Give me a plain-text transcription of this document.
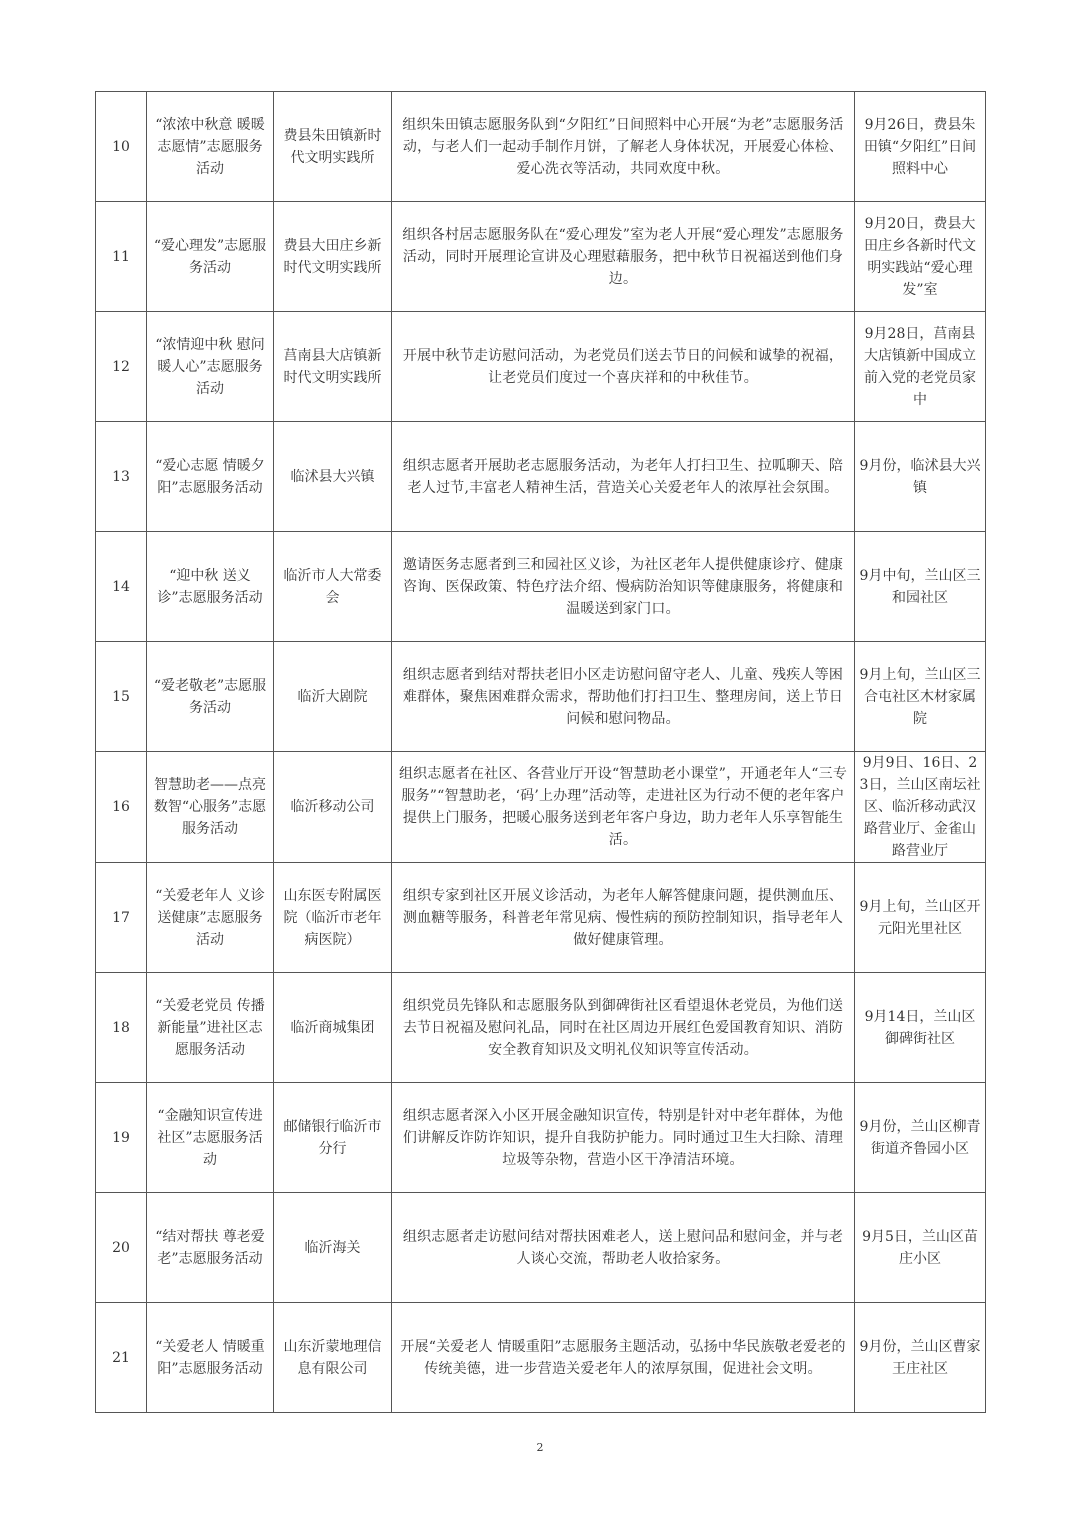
10	“浓浓中秋意 暖暖志愿情”志愿服务活动	费县朱田镇新时代文明实践所	组织朱田镇志愿服务队到“夕阳红”日间照料中心开展“为老”志愿服务活动，与老人们一起动手制作月饼，了解老人身体状况，开展爱心体检、爱心洗衣等活动，共同欢度中秋。	9月26日，费县朱田镇“夕阳红”日间照料中心
11	“爱心理发”志愿服务活动	费县大田庄乡新时代文明实践所	组织各村居志愿服务队在“爱心理发”室为老人开展“爱心理发”志愿服务活动，同时开展理论宣讲及心理慰藉服务，把中秋节日祝福送到他们身边。	9月20日，费县大田庄乡各新时代文明实践站“爱心理发”室
12	“浓情迎中秋 慰问暖人心”志愿服务活动	莒南县大店镇新时代文明实践所	开展中秋节走访慰问活动，为老党员们送去节日的问候和诚挚的祝福，让老党员们度过一个喜庆祥和的中秋佳节。	9月28日，莒南县大店镇新中国成立前入党的老党员家中
13	“爱心志愿 情暖夕阳”志愿服务活动	临沭县大兴镇	组织志愿者开展助老志愿服务活动，为老年人打扫卫生、拉呱聊天、陪老人过节,丰富老人精神生活，营造关心关爱老年人的浓厚社会氛围。	9月份，临沭县大兴镇
14	“迎中秋 送义诊”志愿服务活动	临沂市人大常委会	邀请医务志愿者到三和园社区义诊，为社区老年人提供健康诊疗、健康咨询、医保政策、特色疗法介绍、慢病防治知识等健康服务，将健康和温暖送到家门口。	9月中旬，兰山区三和园社区
15	“爱老敬老”志愿服务活动	临沂大剧院	组织志愿者到结对帮扶老旧小区走访慰问留守老人、儿童、残疾人等困难群体，聚焦困难群众需求，帮助他们打扫卫生、整理房间，送上节日问候和慰问物品。	9月上旬，兰山区三合屯社区木材家属院
16	智慧助老——点亮数智“心服务”志愿服务活动	临沂移动公司	组织志愿者在社区、各营业厅开设“智慧助老小课堂”，开通老年人“三专服务”“智慧助老，‘码’上办理”活动等，走进社区为行动不便的老年客户提供上门服务，把暖心服务送到老年客户身边，助力老年人乐享智能生活。	9月9日、16日、23日，兰山区南坛社区、临沂移动武汉路营业厅、金雀山路营业厅
17	“关爱老年人 义诊送健康”志愿服务活动	山东医专附属医院（临沂市老年病医院）	组织专家到社区开展义诊活动，为老年人解答健康问题，提供测血压、测血糖等服务，科普老年常见病、慢性病的预防控制知识，指导老年人做好健康管理。	9月上旬，兰山区开元阳光里社区
18	“关爱老党员 传播新能量”进社区志愿服务活动	临沂商城集团	组织党员先锋队和志愿服务队到御碑街社区看望退休老党员，为他们送去节日祝福及慰问礼品，同时在社区周边开展红色爱国教育知识、消防安全教育知识及文明礼仪知识等宣传活动。	9月14日，兰山区御碑街社区
19	“金融知识宣传进社区”志愿服务活动	邮储银行临沂市分行	组织志愿者深入小区开展金融知识宣传，特别是针对中老年群体，为他们讲解反诈防诈知识，提升自我防护能力。同时通过卫生大扫除、清理垃圾等杂物，营造小区干净清洁环境。	9月份，兰山区柳青街道齐鲁园小区
20	“结对帮扶 尊老爱老”志愿服务活动	临沂海关	组织志愿者走访慰问结对帮扶困难老人，送上慰问品和慰问金，并与老人谈心交流，帮助老人收拾家务。	9月5日，兰山区苗庄小区
21	“关爱老人 情暖重阳”志愿服务活动	山东沂蒙地理信息有限公司	开展“关爱老人 情暖重阳”志愿服务主题活动，弘扬中华民族敬老爱老的传统美德，进一步营造关爱老年人的浓厚氛围，促进社会文明。	9月份，兰山区曹家王庄社区
2
